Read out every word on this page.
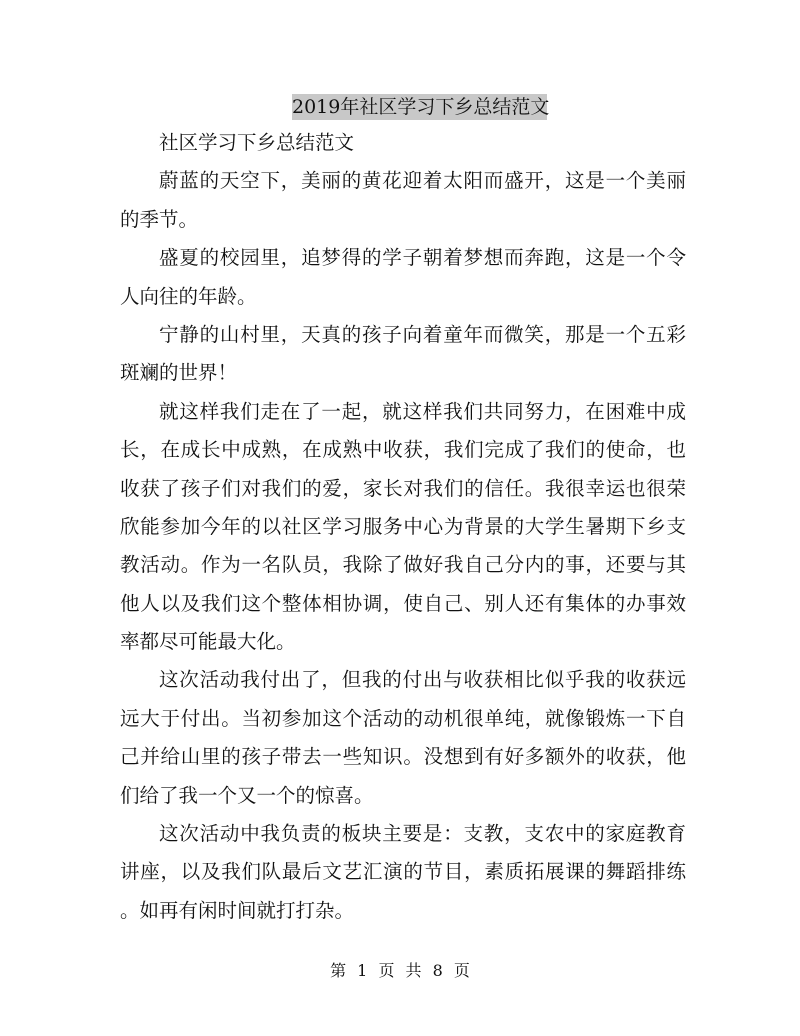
2019年社区学习下乡总结范文
社区学习下乡总结范文
蔚蓝的天空下，美丽的黄花迎着太阳而盛开，这是一个美丽
的季节。
盛夏的校园里，追梦得的学子朝着梦想而奔跑，这是一个令
人向往的年龄。
宁静的山村里，天真的孩子向着童年而微笑，那是一个五彩
斑斓的世界！
就这样我们走在了一起，就这样我们共同努力，在困难中成
长，在成长中成熟，在成熟中收获，我们完成了我们的使命，也
收获了孩子们对我们的爱，家长对我们的信任。我很幸运也很荣
欣能参加今年的以社区学习服务中心为背景的大学生暑期下乡支
教活动。作为一名队员，我除了做好我自己分内的事，还要与其
他人以及我们这个整体相协调，使自己、别人还有集体的办事效
率都尽可能最大化。
这次活动我付出了，但我的付出与收获相比似乎我的收获远
远大于付出。当初参加这个活动的动机很单纯，就像锻炼一下自
己并给山里的孩子带去一些知识。没想到有好多额外的收获，他
们给了我一个又一个的惊喜。
这次活动中我负责的板块主要是：支教，支农中的家庭教育
讲座，以及我们队最后文艺汇演的节目，素质拓展课的舞蹈排练
。如再有闲时间就打打杂。
第 1 页 共 8 页
